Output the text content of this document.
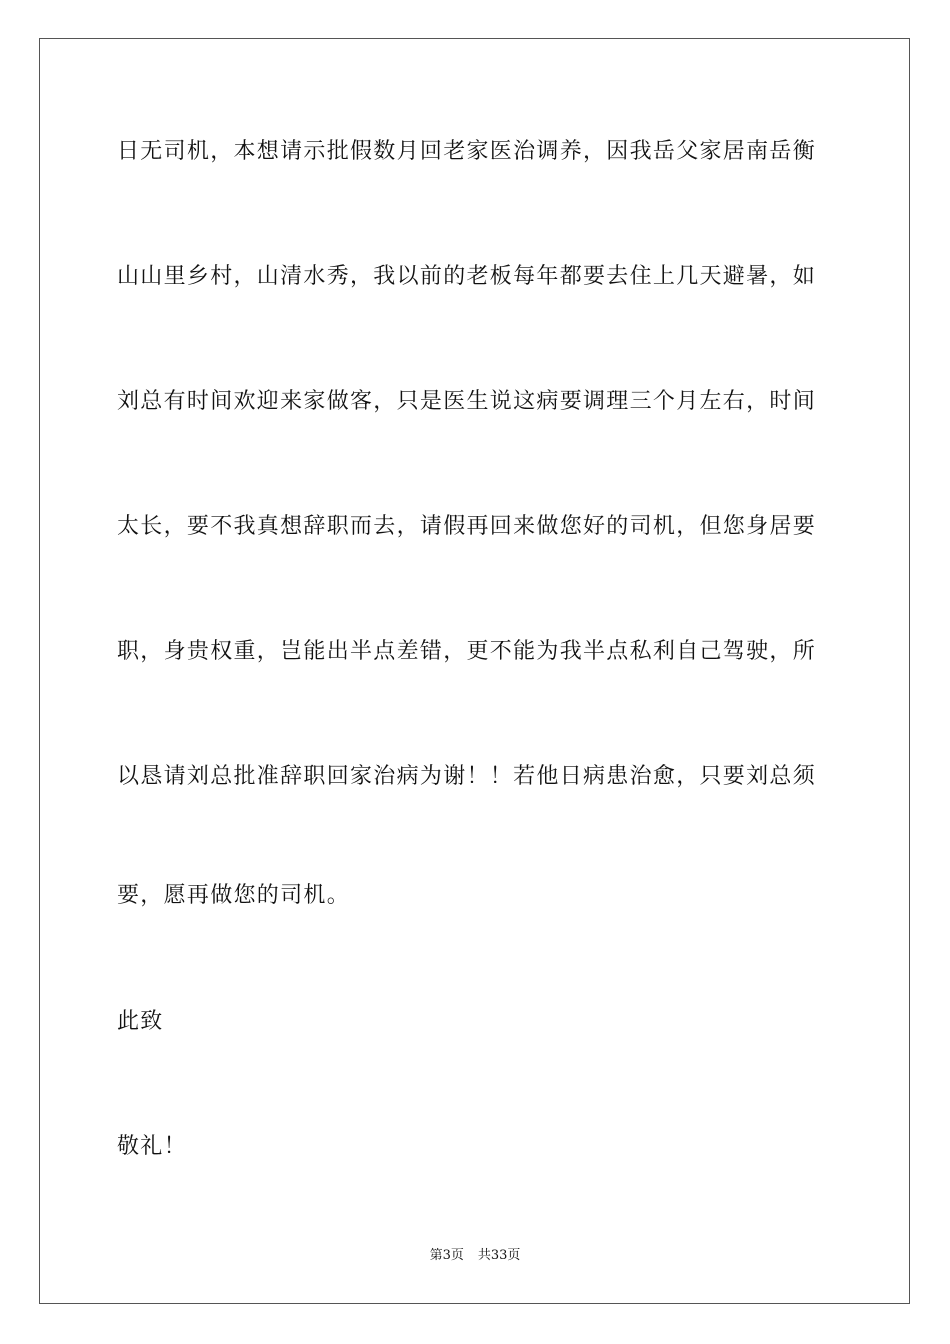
日无司机，本想请示批假数月回老家医治调养，因我岳父家居南岳衡
山山里乡村，山清水秀，我以前的老板每年都要去住上几天避暑，如
刘总有时间欢迎来家做客，只是医生说这病要调理三个月左右，时间
太长，要不我真想辞职而去，请假再回来做您好的司机，但您身居要
职，身贵权重，岂能出半点差错，更不能为我半点私利自己驾驶，所
以恳请刘总批准辞职回家治病为谢！！若他日病患治愈，只要刘总须
要，愿再做您的司机。
此致
敬礼！
第3页 共33页
